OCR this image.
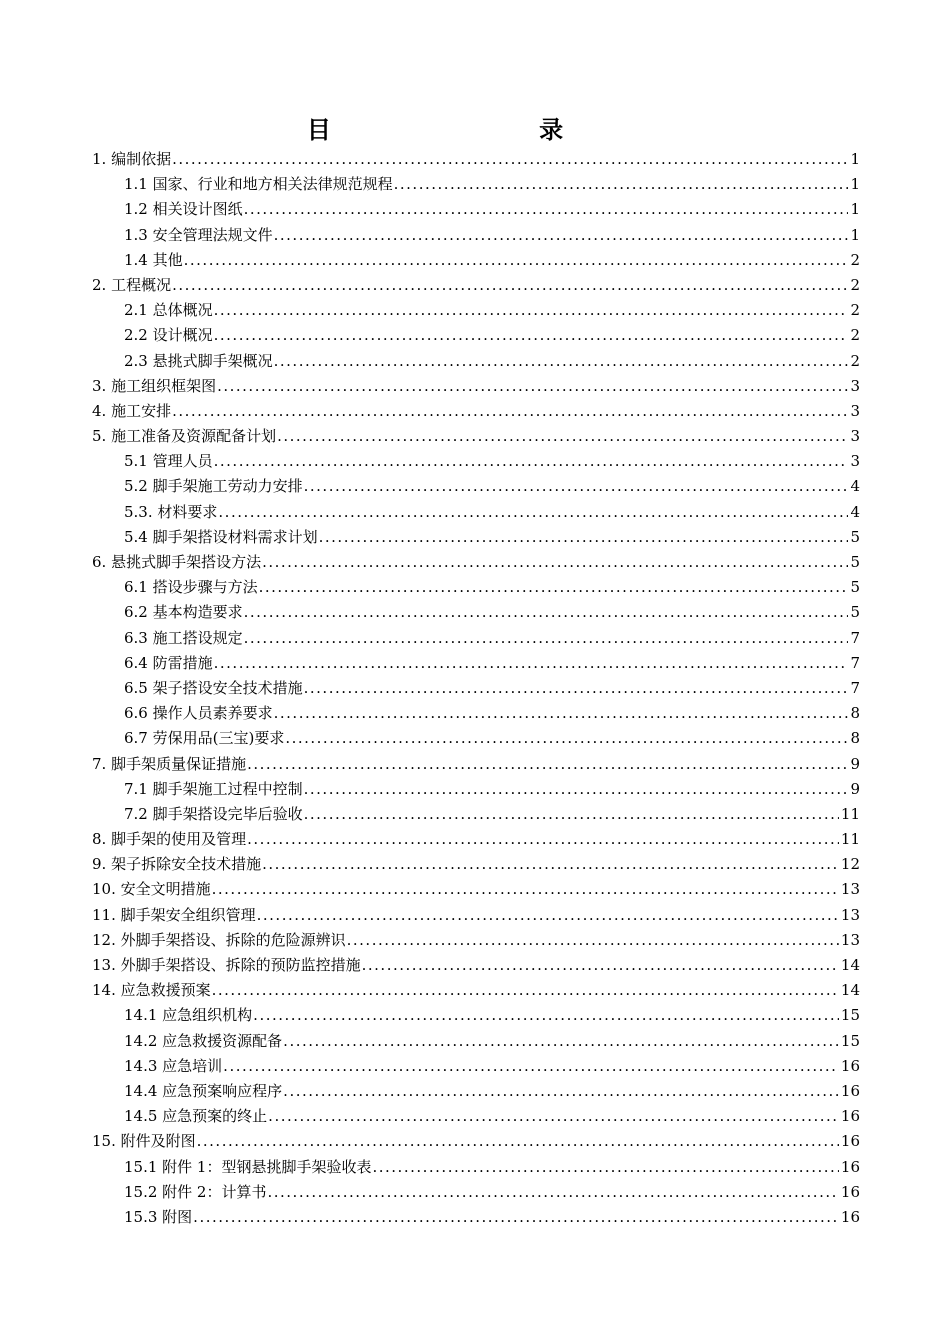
目 录
1. 编制依据 .....	1
1.1 国家、行业和地方相关法律规范规程 .....	1
1.2 相关设计图纸 .....	1
1.3 安全管理法规文件 .....	1
1.4 其他 .....	2
2. 工程概况 .....	2
2.1 总体概况 .....	2
2.2 设计概况 .....	2
2.3 悬挑式脚手架概况 .....	2
3. 施工组织框架图 .....	3
4. 施工安排 .....	3
5. 施工准备及资源配备计划 .....	3
5.1 管理人员 .....	3
5.2 脚手架施工劳动力安排 .....	4
5.3. 材料要求 .....	4
5.4 脚手架搭设材料需求计划 .....	5
6. 悬挑式脚手架搭设方法 .....	5
6.1 搭设步骤与方法 .....	5
6.2 基本构造要求 .....	5
6.3 施工搭设规定 .....	7
6.4 防雷措施 .....	7
6.5 架子搭设安全技术措施 .....	7
6.6 操作人员素养要求 .....	8
6.7 劳保用品(三宝)要求 .....	8
7. 脚手架质量保证措施 .....	9
7.1 脚手架施工过程中控制 .....	9
7.2 脚手架搭设完毕后验收 .....	11
8. 脚手架的使用及管理 .....	11
9. 架子拆除安全技术措施 .....	12
10. 安全文明措施 .....	13
11. 脚手架安全组织管理 .....	13
12. 外脚手架搭设、拆除的危险源辨识 .....	13
13. 外脚手架搭设、拆除的预防监控措施 .....	14
14. 应急救援预案 .....	14
14.1 应急组织机构 .....	15
14.2 应急救援资源配备 .....	15
14.3 应急培训 .....	16
14.4 应急预案响应程序 .....	16
14.5 应急预案的终止 .....	16
15. 附件及附图 .....	16
15.1 附件 1：型钢悬挑脚手架验收表 .....	16
15.2 附件 2：计算书 .....	16
15.3 附图 .....	16
